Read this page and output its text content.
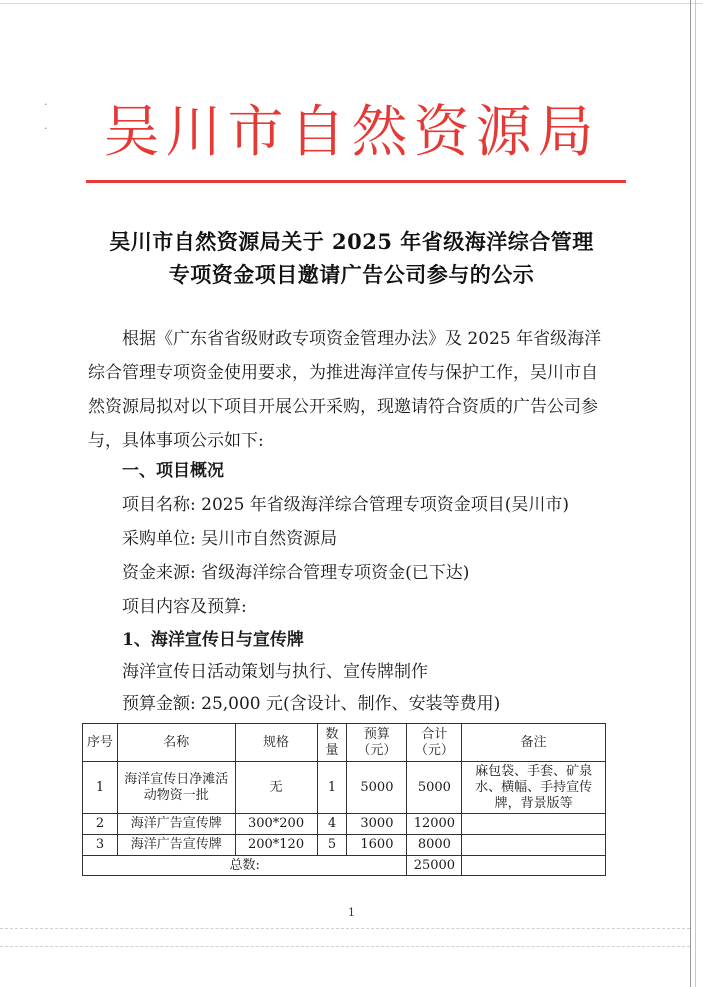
·
·	吴川市自然资源局
吴川市自然资源局关于 2025 年省级海洋综合管理
专项资金项目邀请广告公司参与的公示
根据《广东省省级财政专项资金管理办法》及 2025 年省级海洋综合管理专项资金使用要求，为推进海洋宣传与保护工作，吴川市自然资源局拟对以下项目开展公开采购，现邀请符合资质的广告公司参与，具体事项公示如下:
一、项目概况
项目名称: 2025 年省级海洋综合管理专项资金项目(吴川市)
采购单位: 吴川市自然资源局
资金来源: 省级海洋综合管理专项资金(已下达)
项目内容及预算:
1、海洋宣传日与宣传牌
海洋宣传日活动策划与执行、宣传牌制作
预算金额: 25,000 元(含设计、制作、安装等费用)
序号	名称	规格	数量	预算（元）	合计（元）	备注
1	海洋宣传日净滩活动物资一批	无	1	5000	5000	麻包袋、手套、矿泉水、横幅、手持宣传牌，背景版等
2	海洋广告宣传牌	300*200	4	3000	12000	
3	海洋广告宣传牌	200*120	5	1600	8000	
总数:					25000	
1
